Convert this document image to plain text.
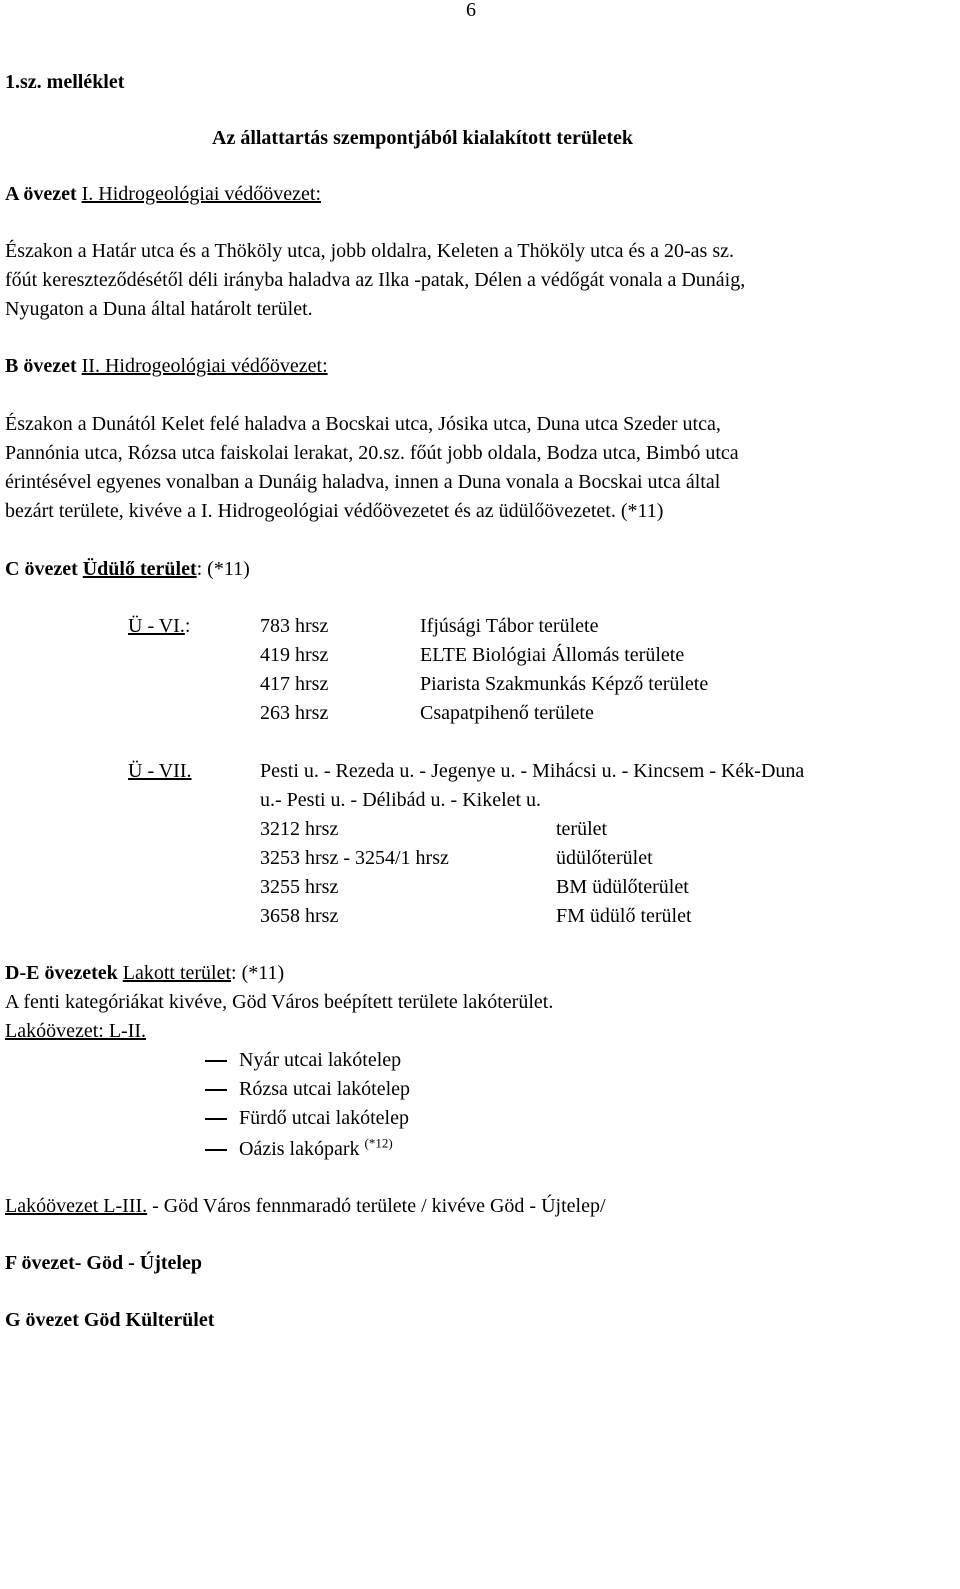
6
1.sz. melléklet
Az állattartás szempontjából kialakított területek
A övezet I. Hidrogeológiai védőövezet:
Északon a Határ utca és a Thököly utca, jobb oldalra, Keleten a Thököly utca és a 20-as sz.
főút kereszteződésétől déli irányba haladva az Ilka -patak, Délen a védőgát vonala a Dunáig,
Nyugaton a Duna által határolt terület.
B övezet II. Hidrogeológiai védőövezet:
Északon a Dunától Kelet felé haladva a Bocskai utca, Jósika utca, Duna utca Szeder utca,
Pannónia utca, Rózsa utca faiskolai lerakat, 20.sz. főút jobb oldala, Bodza utca, Bimbó utca
érintésével egyenes vonalban a Dunáig haladva, innen a Duna vonala a Bocskai utca által
bezárt területe, kivéve a I. Hidrogeológiai védőövezetet és az üdülőövezetet. (*11)
C övezet Üdülő terület: (*11)
Ü - VI.:	783 hrsz	Ifjúsági Tábor területe
419 hrsz	ELTE Biológiai Állomás területe
417 hrsz	Piarista Szakmunkás Képző területe
263 hrsz	Csapatpihenő területe
Ü - VII.	Pesti u. - Rezeda u. - Jegenye u. - Mihácsi u. - Kincsem - Kék-Duna
u.- Pesti u. - Délibád u. - Kikelet u.
3212 hrsz	terület
3253 hrsz - 3254/1 hrsz	üdülőterület
3255 hrsz	BM üdülőterület
3658 hrsz	FM üdülő terület
D-E övezetek Lakott terület: (*11)
A fenti kategóriákat kivéve, Göd Város beépített területe lakóterület.
Lakóövezet: L-II.
Nyár utcai lakótelep
Rózsa utcai lakótelep
Fürdő utcai lakótelep
Oázis lakópark $^{(*12)}$
Lakóövezet L-III. - Göd Város fennmaradó területe / kivéve Göd - Újtelep/
F övezet- Göd - Újtelep
G övezet Göd Külterület
